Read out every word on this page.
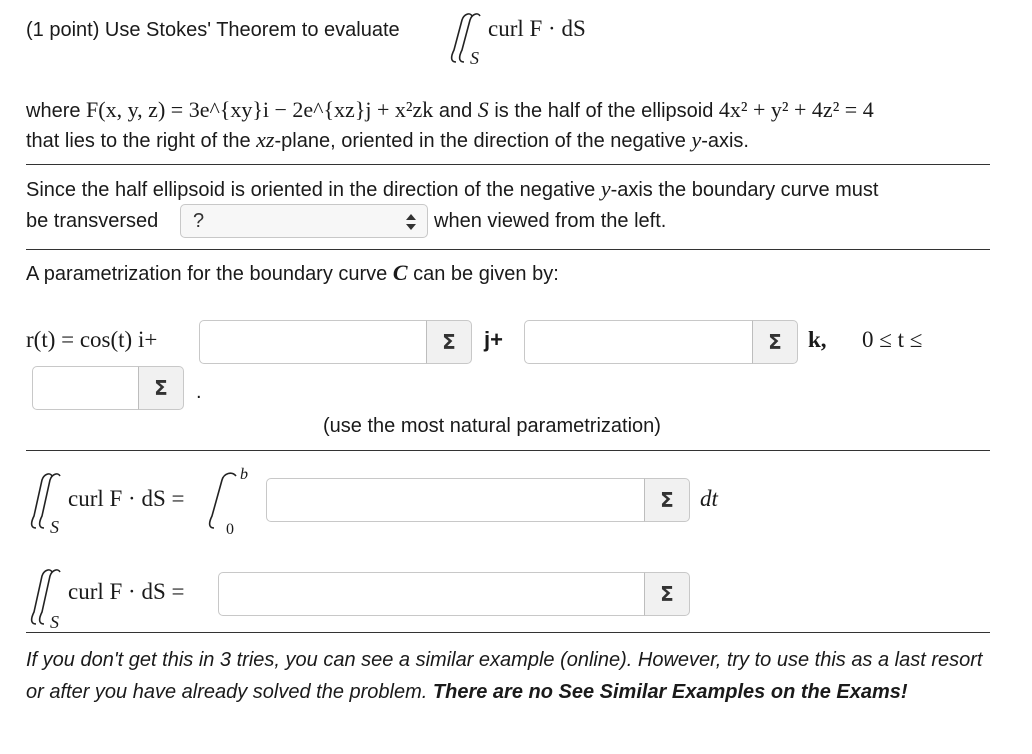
(1 point) Use Stokes' Theorem to evaluate
S
curl F · dS
where F(x, y, z) = 3e^{xy}i − 2e^{xz}j + x²zk and S is the half of the ellipsoid 4x² + y² + 4z² = 4
that lies to the right of the xz-plane, oriented in the direction of the negative y-axis.
Since the half ellipsoid is oriented in the direction of the negative y-axis the boundary curve must
be transversed	?	when viewed from the left.
A parametrization for the boundary curve C can be given by:
r(t) = cos(t) i+	Σ	j+	Σ	k, 0 ≤ t ≤
Σ	.
(use the most natural parametrization)
S
curl F · dS =
b
0
Σ	dt
S
curl F · dS =	Σ
If you don't get this in 3 tries, you can see a similar example (online). However, try to use this as a last resort or after you have already solved the problem. There are no See Similar Examples on the Exams!
